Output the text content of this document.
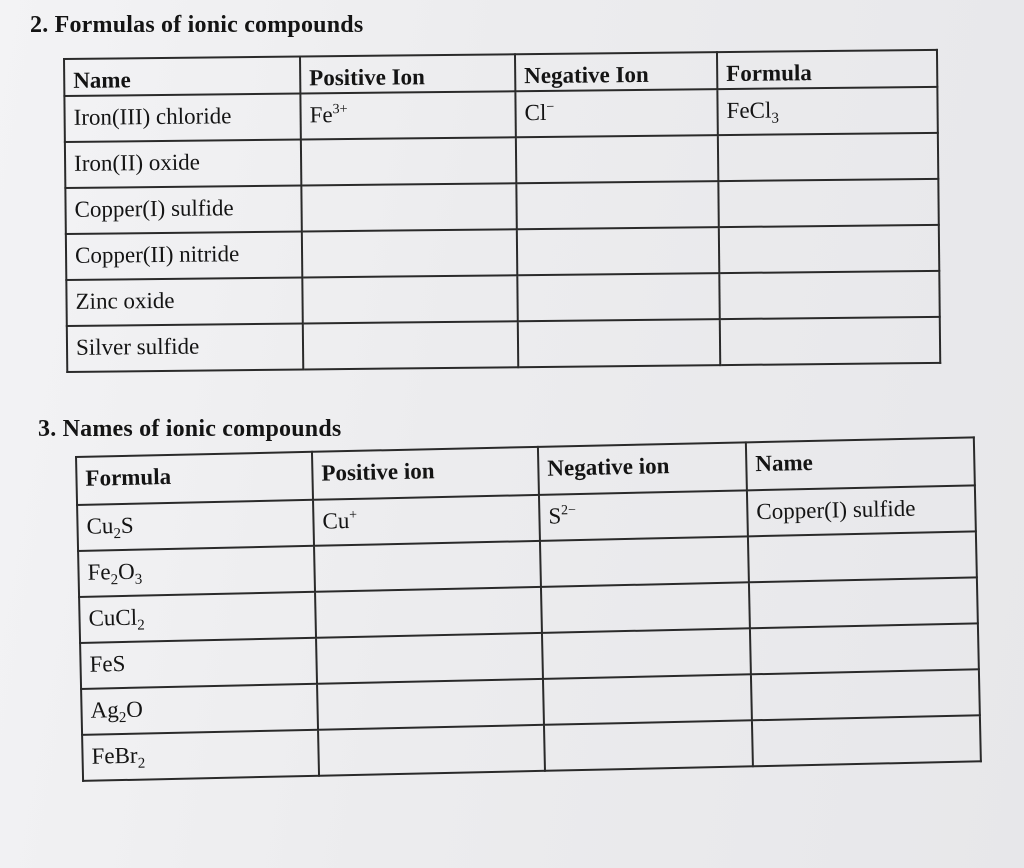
2. Formulas of ionic compounds
Name	Positive Ion	Negative Ion	Formula
Iron(III) chloride	$Fe^{3+}$	Cl−	FeCl$_3$
Iron(II) oxide			
Copper(I) sulfide			
Copper(II) nitride			
Zinc oxide			
Silver sulfide			
3. Names of ionic compounds
Formula	Positive ion	Negative ion	Name
$Cu_2S$	Cu+	$S^{2-}$	Copper(I) sulfide
$Fe_2O_3$			
CuCl$_2$			
FeS			
$Ag_2O$			
FeBr$_2$			
